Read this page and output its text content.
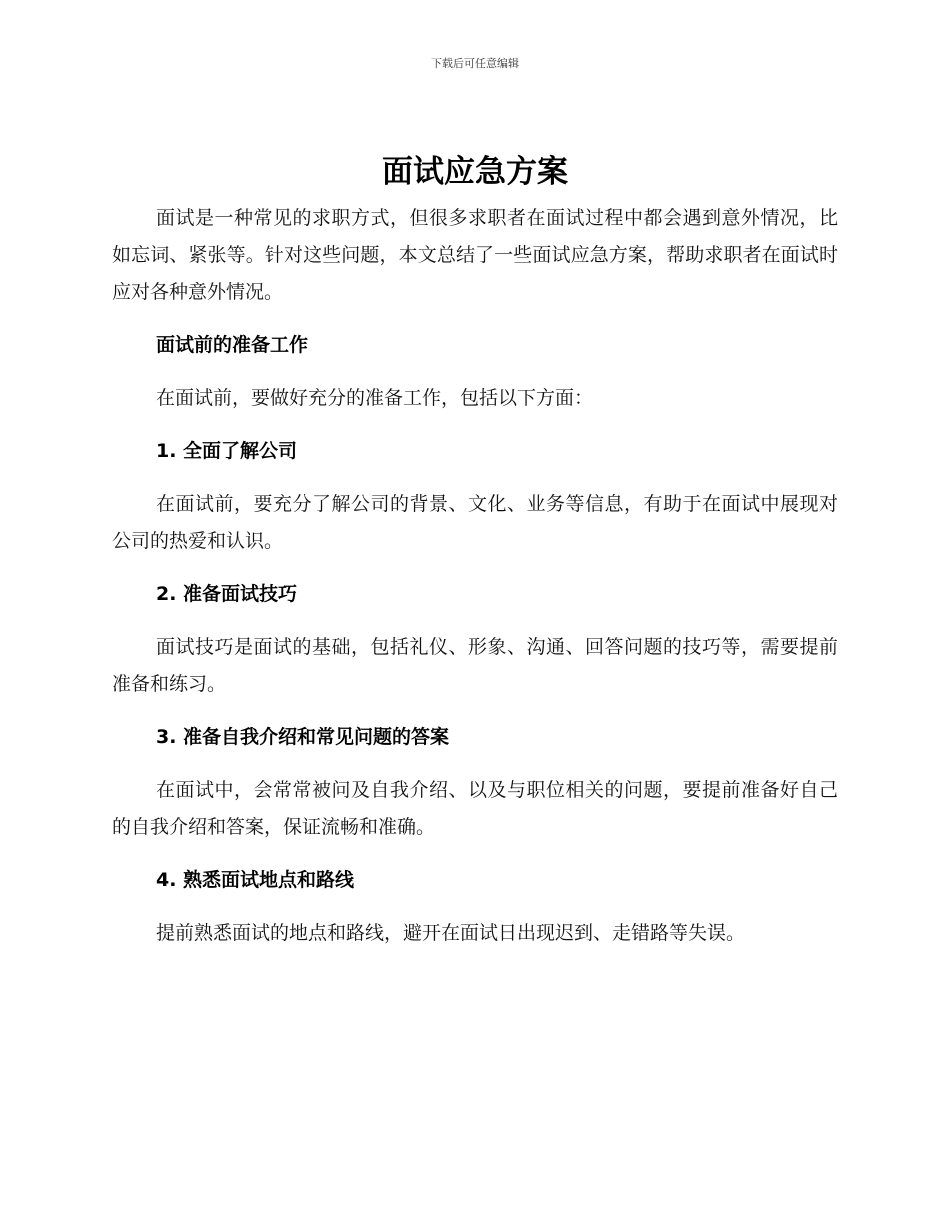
下载后可任意编辑
面试应急方案

面试是一种常见的求职方式，但很多求职者在面试过程中都会遇到意外情况，比如忘词、紧张等。针对这些问题，本文总结了一些面试应急方案，帮助求职者在面试时应对各种意外情况。

面试前的准备工作

在面试前，要做好充分的准备工作，包括以下方面：

1. 全面了解公司

在面试前，要充分了解公司的背景、文化、业务等信息，有助于在面试中展现对公司的热爱和认识。

2. 准备面试技巧

面试技巧是面试的基础，包括礼仪、形象、沟通、回答问题的技巧等，需要提前准备和练习。

3. 准备自我介绍和常见问题的答案

在面试中，会常常被问及自我介绍、以及与职位相关的问题，要提前准备好自己的自我介绍和答案，保证流畅和准确。

4. 熟悉面试地点和路线

提前熟悉面试的地点和路线，避开在面试日出现迟到、走错路等失误。
